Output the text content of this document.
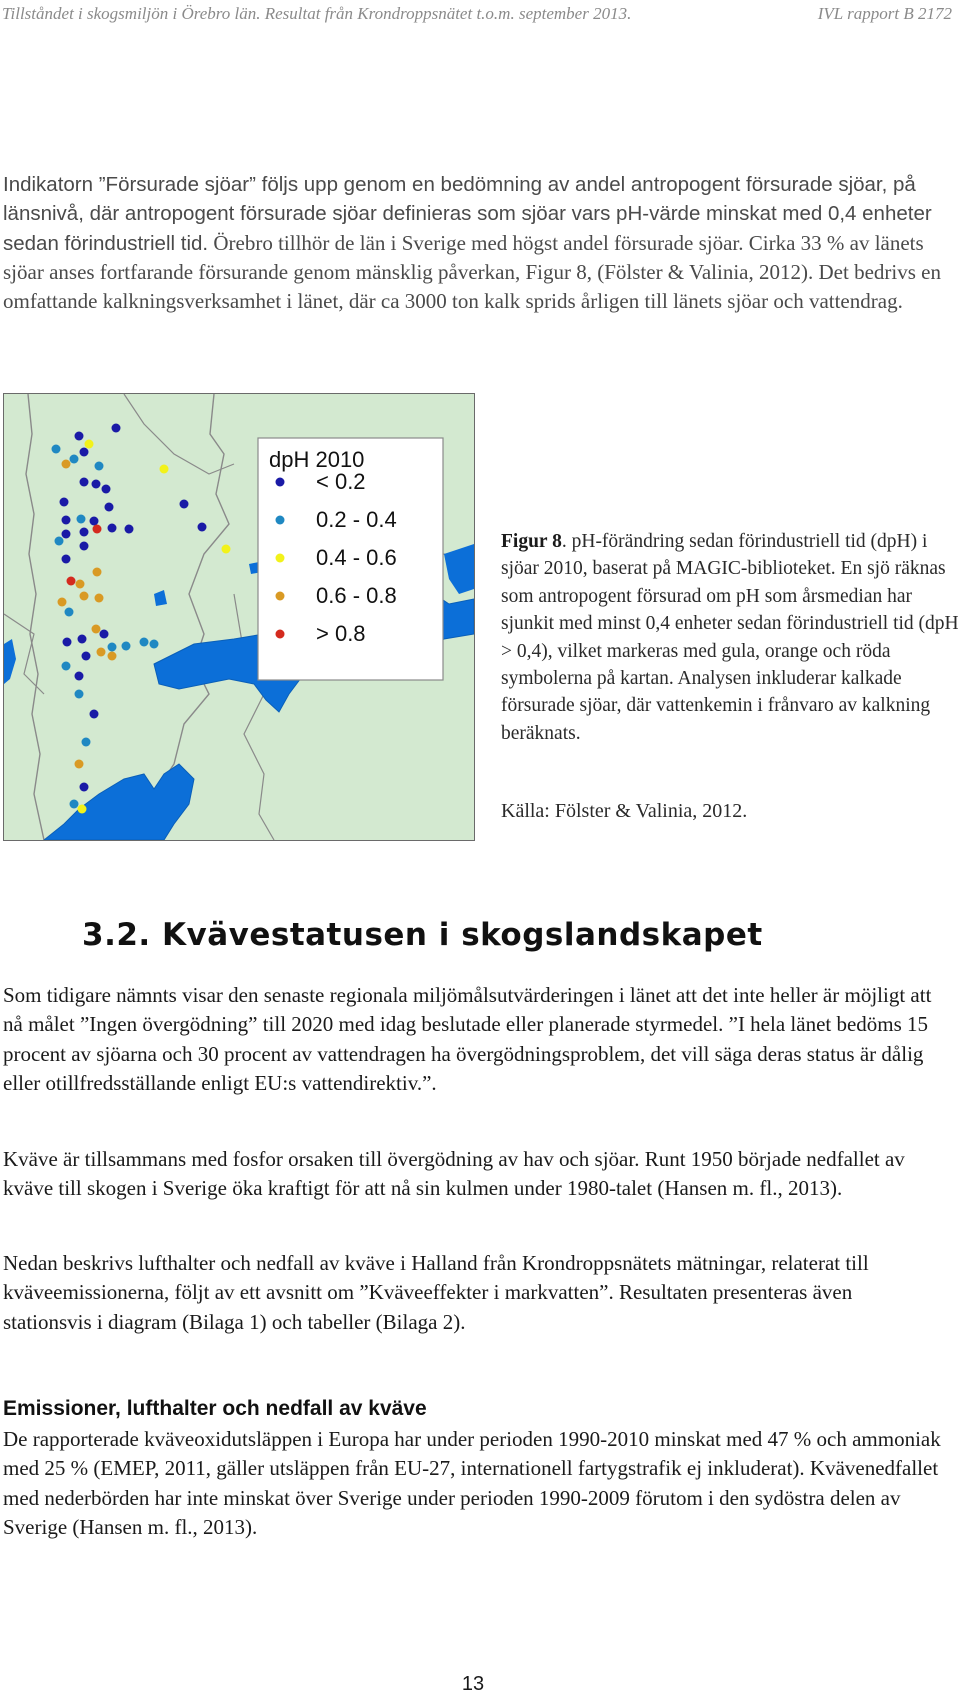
Tillståndet i skogsmiljön i Örebro län. Resultat från Krondroppsnätet t.o.m. september 2013.	IVL rapport B 2172

Indikatorn ”Försurade sjöar” följs upp genom en bedömning av andel antropogent försurade sjöar, på länsnivå, där antropogent försurade sjöar definieras som sjöar vars pH-värde minskat med 0,4 enheter sedan förindustriell tid. Örebro tillhör de län i Sverige med högst andel försurade sjöar. Cirka 33 % av länets sjöar anses fortfarande försurande genom mänsklig påverkan, Figur 8, (Fölster & Valinia, 2012). Det bedrivs en omfattande kalkningsverksamhet i länet, där ca 3000 ton kalk sprids årligen till länets sjöar och vattendrag.

dpH 2010
< 0.2
0.2 - 0.4
0.4 - 0.6
0.6 - 0.8
> 0.8
Figur 8. pH-förändring sedan förindustriell tid (dpH) i sjöar 2010, baserat på MAGIC-biblioteket. En sjö räknas som antropogent försurad om pH som årsmedian har sjunkit med minst 0,4 enheter sedan förindustriell tid (dpH > 0,4), vilket markeras med gula, orange och röda symbolerna på kartan. Analysen inkluderar kalkade försurade sjöar, där vattenkemin i frånvaro av kalkning beräknats.
Källa: Fölster & Valinia, 2012.
3.2. Kvävestatusen i skogslandskapet

Som tidigare nämnts visar den senaste regionala miljömålsutvärderingen i länet att det inte heller är möjligt att nå målet ”Ingen övergödning” till 2020 med idag beslutade eller planerade styrmedel. ”I hela länet bedöms 15 procent av sjöarna och 30 procent av vattendragen ha övergödningsproblem, det vill säga deras status är dålig eller otillfredsställande enligt EU:s vattendirektiv.”.

Kväve är tillsammans med fosfor orsaken till övergödning av hav och sjöar. Runt 1950 började nedfallet av kväve till skogen i Sverige öka kraftigt för att nå sin kulmen under 1980-talet (Hansen m. fl., 2013).

Nedan beskrivs lufthalter och nedfall av kväve i Halland från Krondroppsnätets mätningar, relaterat till kväveemissionerna, följt av ett avsnitt om ”Kväveeffekter i markvatten”. Resultaten presenteras även stationsvis i diagram (Bilaga 1) och tabeller (Bilaga 2).

Emissioner, lufthalter och nedfall av kväve

De rapporterade kväveoxidutsläppen i Europa har under perioden 1990-2010 minskat med 47 % och ammoniak med 25 % (EMEP, 2011, gäller utsläppen från EU-27, internationell fartygstrafik ej inkluderat). Kvävenedfallet med nederbörden har inte minskat över Sverige under perioden 1990-2009 förutom i den sydöstra delen av Sverige (Hansen m. fl., 2013).

13
